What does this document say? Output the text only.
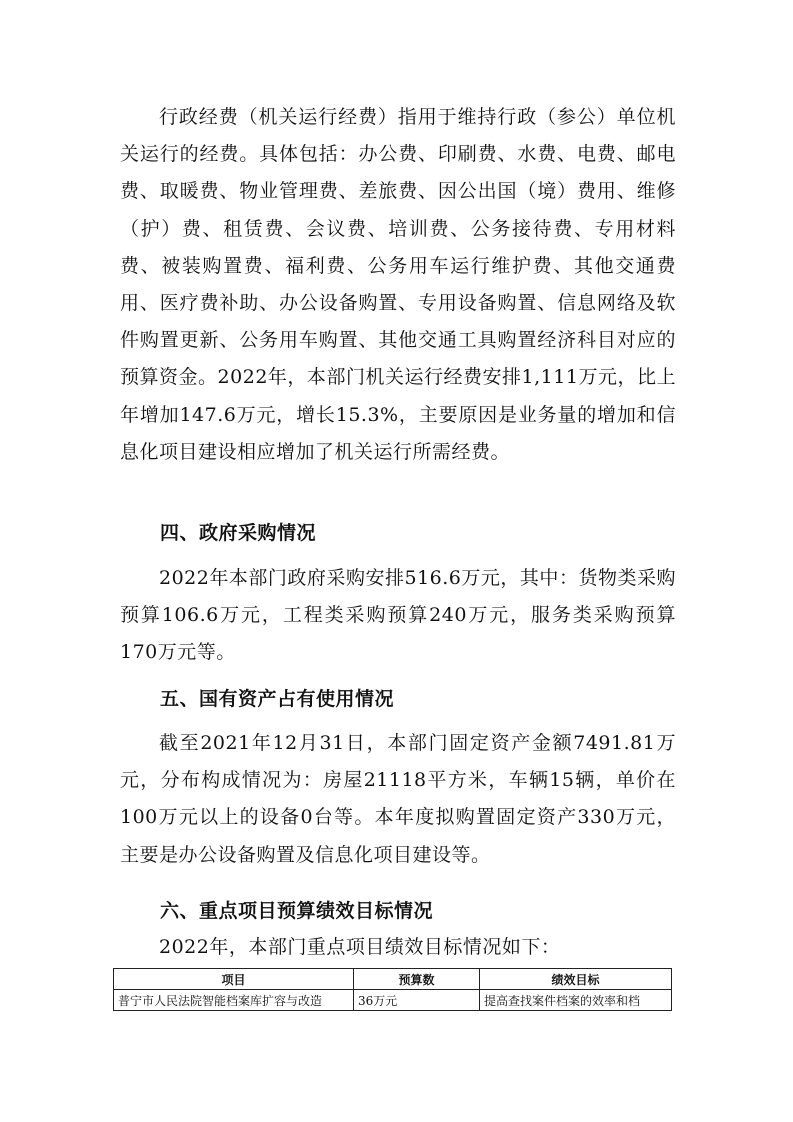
行政经费（机关运行经费）指用于维持行政（参公）单位机关运行的经费。具体包括：办公费、印刷费、水费、电费、邮电费、取暖费、物业管理费、差旅费、因公出国（境）费用、维修（护）费、租赁费、会议费、培训费、公务接待费、专用材料费、被装购置费、福利费、公务用车运行维护费、其他交通费用、医疗费补助、办公设备购置、专用设备购置、信息网络及软件购置更新、公务用车购置、其他交通工具购置经济科目对应的预算资金。2022年，本部门机关运行经费安排1,111万元，比上年增加147.6万元，增长15.3%，主要原因是业务量的增加和信息化项目建设相应增加了机关运行所需经费。

四、政府采购情况

2022年本部门政府采购安排516.6万元，其中：货物类采购预算106.6万元，工程类采购预算240万元，服务类采购预算170万元等。

五、国有资产占有使用情况

截至2021年12月31日，本部门固定资产金额7491.81万元，分布构成情况为：房屋21118平方米，车辆15辆，单价在100万元以上的设备0台等。本年度拟购置固定资产330万元，主要是办公设备购置及信息化项目建设等。

六、重点项目预算绩效目标情况

2022年，本部门重点项目绩效目标情况如下：

项目	预算数	绩效目标
普宁市人民法院智能档案库扩容与改造	36万元	提高查找案件档案的效率和档
